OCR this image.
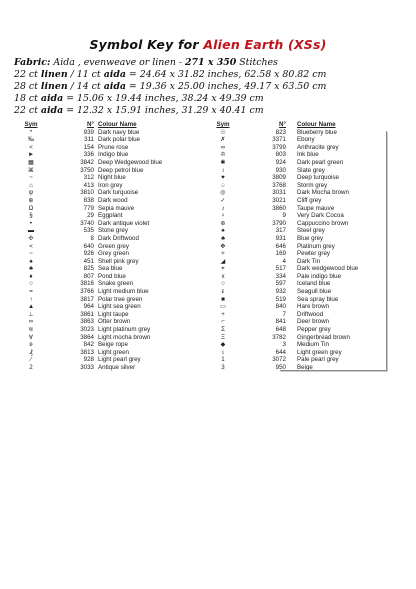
Symbol Key for Alien Earth (XSs)
Fabric: Aida , evenweave or linen - 271 x 350 Stitches
22 ct linen / 11 ct aida = 24.64 x 31.82 inches, 62.58 x 80.82 cm
28 ct linen / 14 ct aida = 19.36 x 25.00 inches, 49.17 x 63.50 cm
18 ct aida = 15.06 x 19.44 inches, 38.24 x 49.39 cm
22 ct aida = 12.32 x 15.91 inches, 31.29 x 40.41 cm
Sym	N° Colour Name
*	939 Dark navy blue
‰	311 Dark polar blue
<	154 Prune rose
►	336 Indigo blue
▦	3842 Deep Wedgewood blue
⌘	3750 Deep petrol blue
~	312 Night blue
⌂	413 Iron grey
ψ	3810 Dark turquoise
⊕	838 Dark wood
Ω	779 Sepia mauve
§	29 Eggplant
•	3740 Dark antique violet
▬	535 Stone grey
✣	8 Dark Driftwood
<	640 Green grey
~	926 Grey green
♠	451 Shell pink grey
♣	825 Sea blue
♦	807 Pond blue
○	3816 Snake green
=	3766 Light medium blue
↑	3817 Polar tree green
▲	964 Light sea green
⊥	3861 Light taupe
∞	3863 Otter brown
≋	3023 Light platinum grey
Ɐ	3864 Light mocha brown
ʚ	842 Beige rope
₰	3813 Light green
∕	928 Light pearl grey
2	3033 Antique silver
Sym	N° Colour Name
☉	823 Blueberry blue
✗	3371 Ebony
∞	3799 Anthracite grey
♔	803 Ink blue
✱	924 Dark pearl green
↕	930 Slate grey
♥	3809 Deep turquoise
♤	3768 Storm grey
◎	3031 Dark Mocha brown
✓	3021 Cliff grey
♪	3860 Taupe mauve
♀	9 Very Dark Cocoa
⊛	3790 Cappuccino brown
♠	317 Steel grey
♣	931 Blue grey
✥	646 Platinum grey
✧	169 Pewter grey
◢	4 Dark Tin
⌖	517 Dark wedgewood blue
x	334 Pale indigo blue
○	597 Iceland blue
ε	932 Seagull blue
■	519 Sea spray blue
▭	840 Hare brown
+	7 Driftwood
⌐	841 Deer brown
Σ	648 Pepper grey
Ξ	3782 Gingerbread brown
◆	3 Medium Tin
ɩ	644 Light green grey
1	3072 Pale pearl grey
3	950 Beige
